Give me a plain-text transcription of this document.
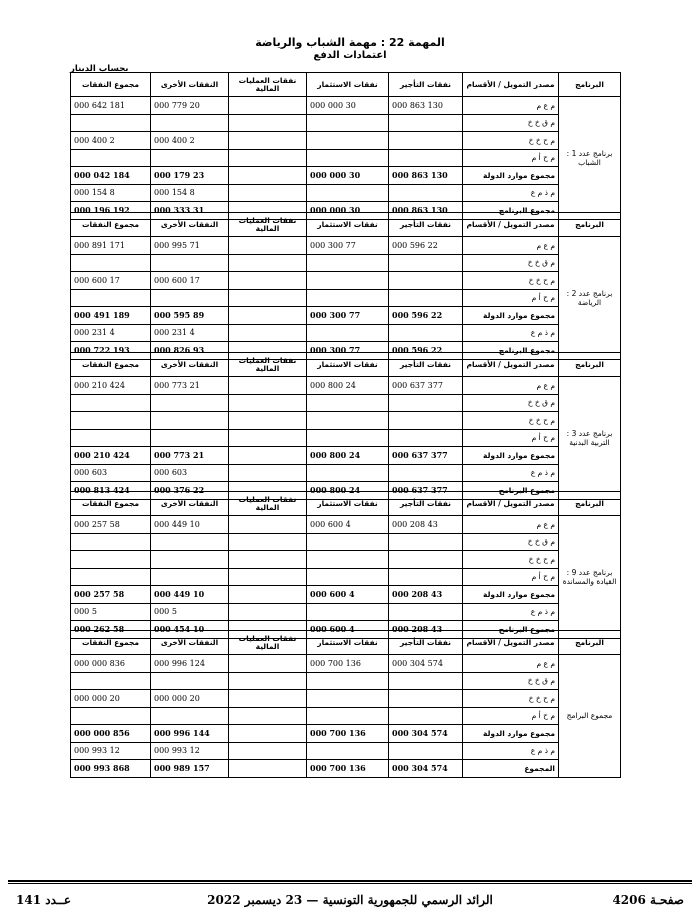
المهمة 22 : مهمة الشباب والرياضة
اعتمادات الدفع
بحساب الدينار
البرنامج	مصدر التمويل / الأقسام	نفقات التأجير	نفقات الاستثمار	نفقات العمليات المالية	النفقات الأخرى	مجموع النفقات
برنامج عدد 1 : الشباب	م ع م	130 863 000	30 000 000		20 779 000	181 642 000
	م ق خ خ					
	م ح خ خ				2 400 000	2 400 000
	م ح أ م					
	مجموع موارد الدولة	130 863 000	30 000 000		23 179 000	184 042 000
	م ذ م ع				8 154 000	8 154 000
	مجموع البرنامج	130 863 000	30 000 000		31 333 000	192 196 000
البرنامج	مصدر التمويل / الأقسام	نفقات التأجير	نفقات الاستثمار	نفقات العمليات المالية	النفقات الأخرى	مجموع النفقات
برنامج عدد 2 : الرياضة	م ع م	22 596 000	77 300 000		71 995 000	171 891 000
	م ق خ خ					
	م ح خ خ				17 600 000	17 600 000
	م ح أ م					
	مجموع موارد الدولة	22 596 000	77 300 000		89 595 000	189 491 000
	م ذ م ع				4 231 000	4 231 000
	مجموع البرنامج	22 596 000	77 300 000		93 826 000	193 722 000
البرنامج	مصدر التمويل / الأقسام	نفقات التأجير	نفقات الاستثمار	نفقات العمليات المالية	النفقات الأخرى	مجموع النفقات
برنامج عدد 3 : التربية البدنية	م ع م	377 637 000	24 800 000		21 773 000	424 210 000
	م ق خ خ					
	م ح خ خ					
	م ح أ م					
	مجموع موارد الدولة	377 637 000	24 800 000		21 773 000	424 210 000
	م ذ م ع				603 000	603 000
	مجموع البرنامج	377 637 000	24 800 000		22 376 000	424 813 000
البرنامج	مصدر التمويل / الأقسام	نفقات التأجير	نفقات الاستثمار	نفقات العمليات المالية	النفقات الأخرى	مجموع النفقات
برنامج عدد 9 : القيادة والمساندة	م ع م	43 208 000	4 600 000		10 449 000	58 257 000
	م ق خ خ					
	م ح خ خ					
	م ح أ م					
	مجموع موارد الدولة	43 208 000	4 600 000		10 449 000	58 257 000
	م ذ م ع				5 000	5 000
	مجموع البرنامج	43 208 000	4 600 000		10 454 000	58 262 000
البرنامج	مصدر التمويل / الأقسام	نفقات التأجير	نفقات الاستثمار	نفقات العمليات المالية	النفقات الأخرى	مجموع النفقات
مجموع البرامج	م ع م	574 304 000	136 700 000		124 996 000	836 000 000
	م ق خ خ					
	م ح خ خ				20 000 000	20 000 000
	م ح أ م					
	مجموع موارد الدولة	574 304 000	136 700 000		144 996 000	856 000 000
	م ذ م ع				12 993 000	12 993 000
	المجموع	574 304 000	136 700 000		157 989 000	868 993 000
صفحـة 4206
الرائد الرسمي للجمهورية التونسية — 23 ديسمبر 2022
عــدد 141
